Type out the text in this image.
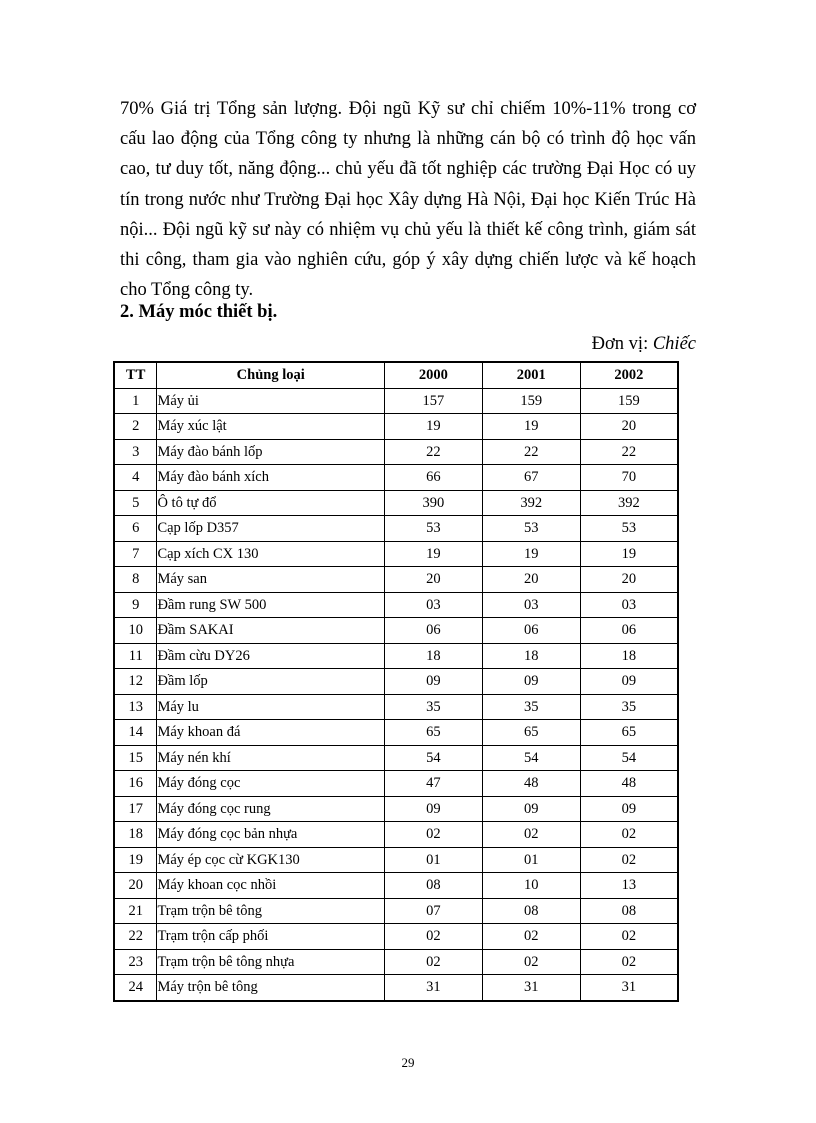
70% Giá trị Tổng sản lượng. Đội ngũ Kỹ sư chỉ chiếm 10%-11% trong cơ
cấu lao động của Tổng công ty nhưng là những cán bộ có trình độ học vấn
cao, tư duy tốt, năng động... chủ yếu đã tốt nghiệp các trường Đại Học có uy
tín trong nước như Trường Đại học Xây dựng Hà Nội, Đại học Kiến Trúc Hà
nội... Đội ngũ kỹ sư này có nhiệm vụ chủ yếu là thiết kế công trình, giám sát
thi công, tham gia vào nghiên cứu, góp ý xây dựng chiến lược và kế hoạch
cho Tổng công ty.
2. Máy móc thiết bị.
Đơn vị: Chiếc
TT	Chủng loại	2000	2001	2002
1	Máy ủi	157	159	159
2	Máy xúc lật	19	19	20
3	Máy đào bánh lốp	22	22	22
4	Máy đào bánh xích	66	67	70
5	Ô tô tự đổ	390	392	392
6	Cạp lốp D357	53	53	53
7	Cạp xích CX 130	19	19	19
8	Máy san	20	20	20
9	Đầm rung SW 500	03	03	03
10	Đầm SAKAI	06	06	06
11	Đầm cừu DY26	18	18	18
12	Đầm lốp	09	09	09
13	Máy lu	35	35	35
14	Máy khoan đá	65	65	65
15	Máy nén khí	54	54	54
16	Máy đóng cọc	47	48	48
17	Máy đóng cọc rung	09	09	09
18	Máy đóng cọc bản nhựa	02	02	02
19	Máy ép cọc cừ KGK130	01	01	02
20	Máy khoan cọc nhồi	08	10	13
21	Trạm trộn bê tông	07	08	08
22	Trạm trộn cấp phối	02	02	02
23	Trạm trộn bê tông nhựa	02	02	02
24	Máy trộn bê tông	31	31	31
29
